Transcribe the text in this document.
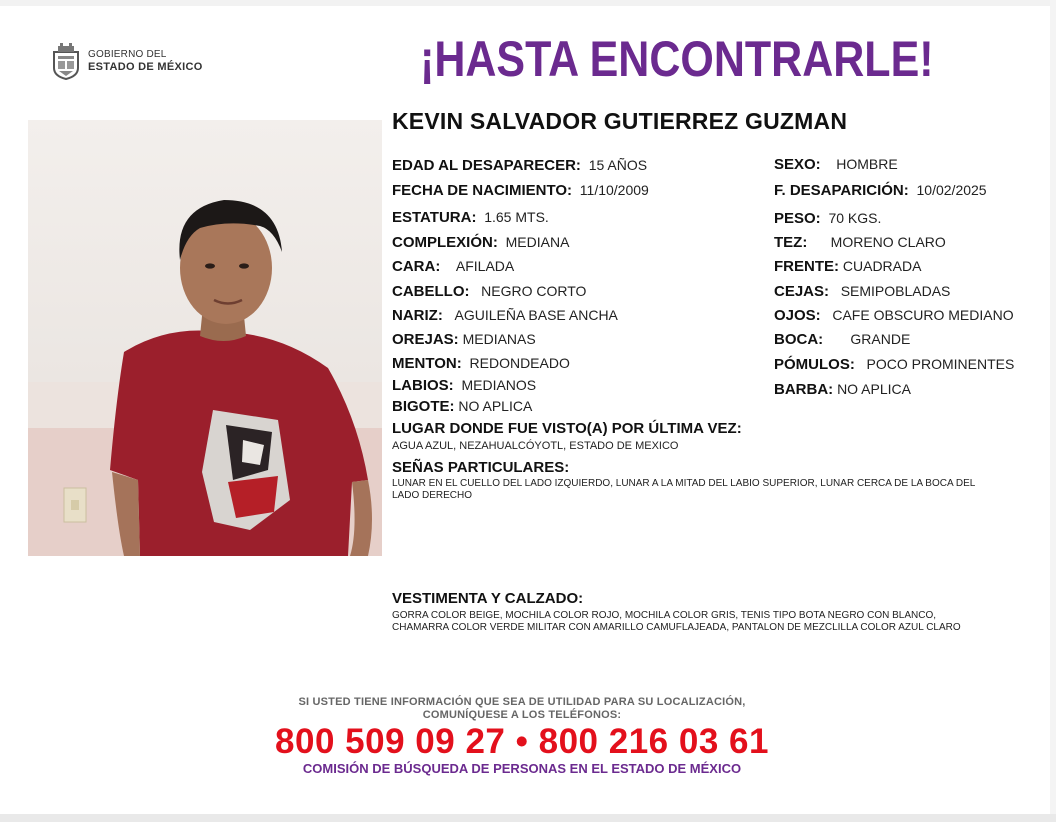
GOBIERNO DEL
ESTADO DE MÉXICO	¡HASTA ENCONTRARLE!
KEVIN SALVADOR GUTIERREZ GUZMAN
EDAD AL DESAPARECER: 15 AÑOS
FECHA DE NACIMIENTO: 11/10/2009
ESTATURA: 1.65 MTS.
COMPLEXIÓN: MEDIANA
CARA: AFILADA
CABELLO: NEGRO CORTO
NARIZ: AGUILEÑA BASE ANCHA
OREJAS: MEDIANAS
MENTON: REDONDEADO
LABIOS: MEDIANOS
BIGOTE: NO APLICA
SEXO: HOMBRE
F. DESAPARICIÓN: 10/02/2025
PESO: 70 KGS.
TEZ: MORENO CLARO
FRENTE: CUADRADA
CEJAS: SEMIPOBLADAS
OJOS: CAFE OBSCURO MEDIANO
BOCA: GRANDE
PÓMULOS: POCO PROMINENTES
BARBA: NO APLICA
LUGAR DONDE FUE VISTO(A) POR ÚLTIMA VEZ:
AGUA AZUL, NEZAHUALCÓYOTL, ESTADO DE MEXICO
SEÑAS PARTICULARES:
LUNAR EN EL CUELLO DEL LADO IZQUIERDO, LUNAR A LA MITAD DEL LABIO SUPERIOR, LUNAR CERCA DE LA BOCA DEL
LADO DERECHO
VESTIMENTA Y CALZADO:
GORRA COLOR BEIGE, MOCHILA COLOR ROJO, MOCHILA COLOR GRIS, TENIS TIPO BOTA NEGRO CON BLANCO,
CHAMARRA COLOR VERDE MILITAR CON AMARILLO CAMUFLAJEADA, PANTALON DE MEZCLILLA COLOR AZUL CLARO
SI USTED TIENE INFORMACIÓN QUE SEA DE UTILIDAD PARA SU LOCALIZACIÓN,
COMUNÍQUESE A LOS TELÉFONOS:
800 509 09 27 • 800 216 03 61
COMISIÓN DE BÚSQUEDA DE PERSONAS EN EL ESTADO DE MÉXICO
